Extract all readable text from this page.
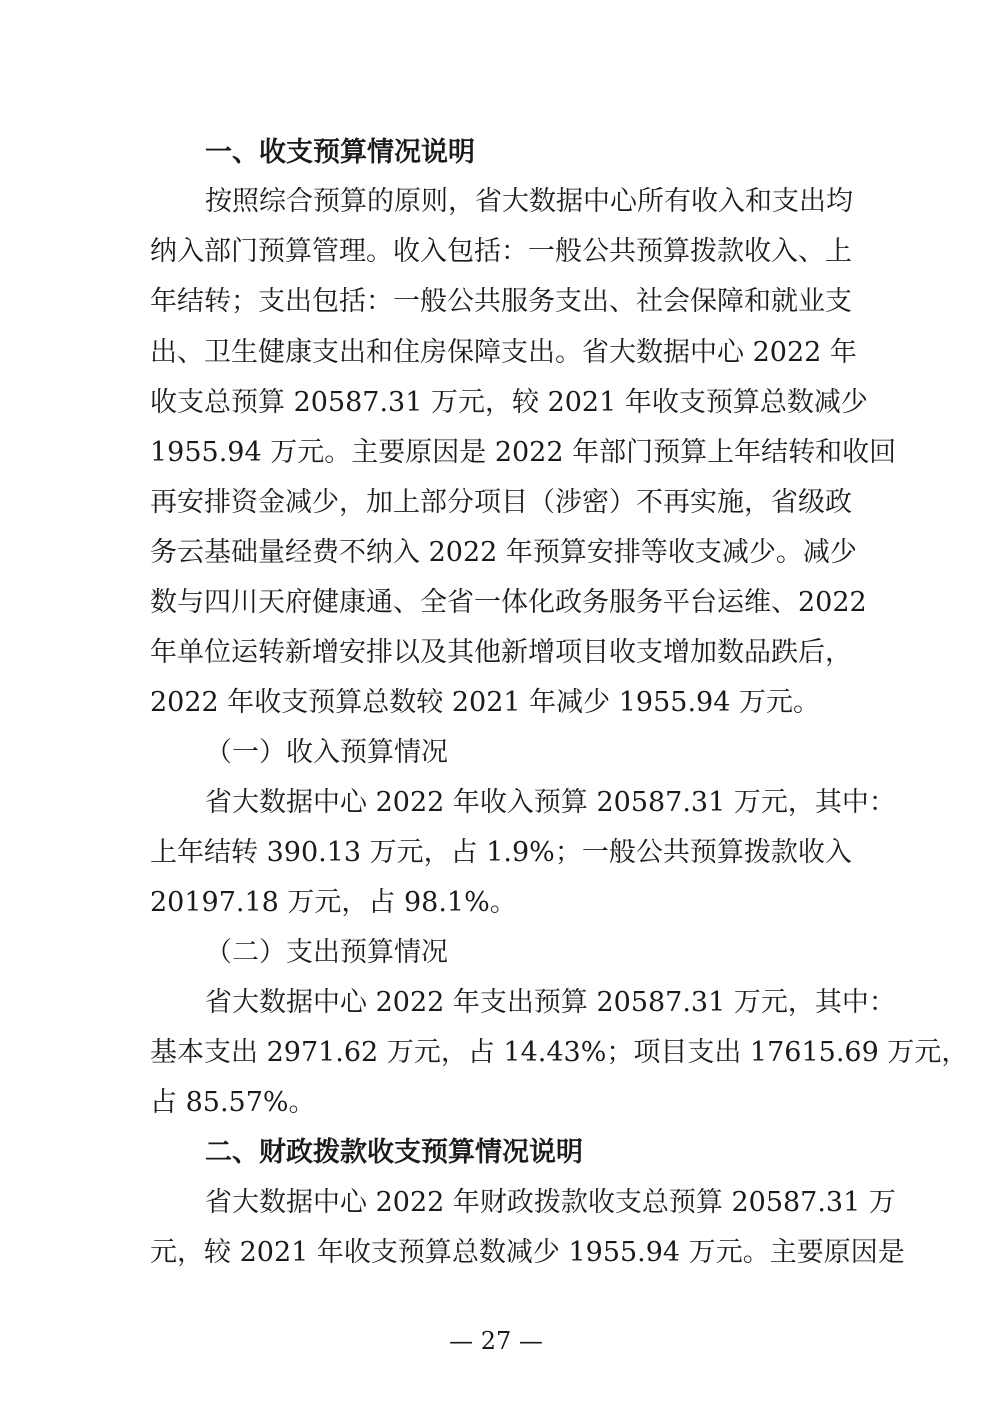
一、收支预算情况说明
按照综合预算的原则，省大数据中心所有收入和支出均
纳入部门预算管理。收入包括：一般公共预算拨款收入、上
年结转；支出包括：一般公共服务支出、社会保障和就业支
出、卫生健康支出和住房保障支出。省大数据中心 2022 年
收支总预算 20587.31 万元，较 2021 年收支预算总数减少
1955.94 万元。主要原因是 2022 年部门预算上年结转和收回
再安排资金减少，加上部分项目（涉密）不再实施，省级政
务云基础量经费不纳入 2022 年预算安排等收支减少。减少
数与四川天府健康通、全省一体化政务服务平台运维、2022
年单位运转新增安排以及其他新增项目收支增加数品跌后，
2022 年收支预算总数较 2021 年减少 1955.94 万元。
（一）收入预算情况
省大数据中心 2022 年收入预算 20587.31 万元，其中：
上年结转 390.13 万元，占 1.9%；一般公共预算拨款收入
20197.18 万元，占 98.1%。
（二）支出预算情况
省大数据中心 2022 年支出预算 20587.31 万元，其中：
基本支出 2971.62 万元，占 14.43%；项目支出 17615.69 万元，
占 85.57%。
二、财政拨款收支预算情况说明
省大数据中心 2022 年财政拨款收支总预算 20587.31 万
元，较 2021 年收支预算总数减少 1955.94 万元。主要原因是
— 27 —
